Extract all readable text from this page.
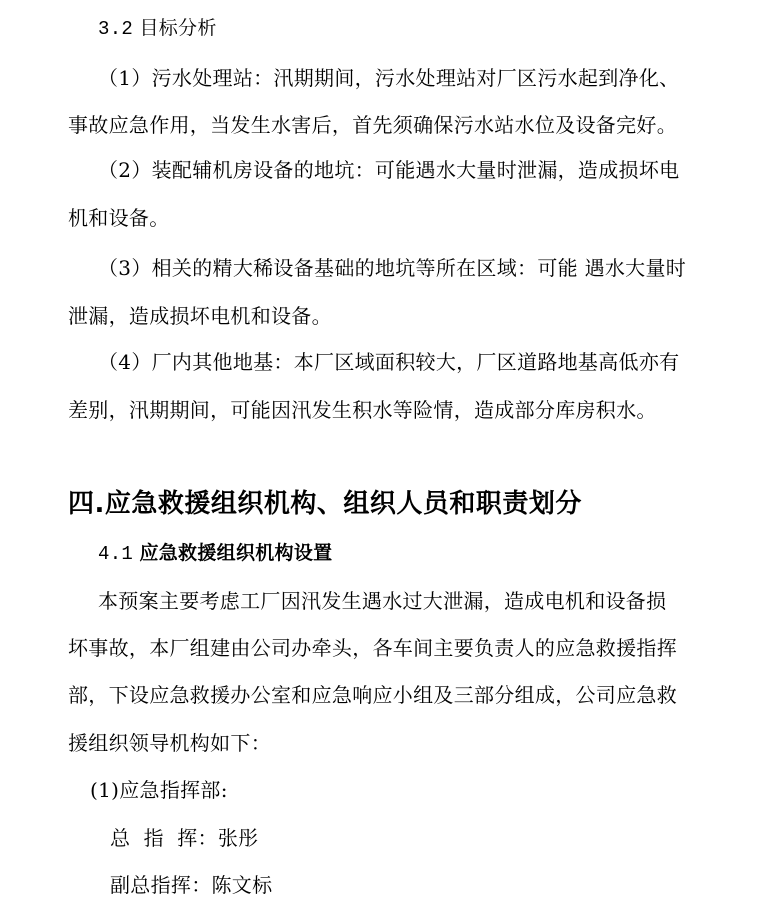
3.2 目标分析
（1）污水处理站：汛期期间，污水处理站对厂区污水起到净化、
事故应急作用，当发生水害后，首先须确保污水站水位及设备完好。
（2）装配辅机房设备的地坑：可能遇水大量时泄漏，造成损坏电
机和设备。
（3）相关的精大稀设备基础的地坑等所在区域：可能 遇水大量时
泄漏，造成损坏电机和设备。
（4）厂内其他地基：本厂区域面积较大，厂区道路地基高低亦有
差别，汛期期间，可能因汛发生积水等险情，造成部分库房积水。
四.应急救援组织机构、组织人员和职责划分
4.1 应急救援组织机构设置
本预案主要考虑工厂因汛发生遇水过大泄漏，造成电机和设备损
坏事故，本厂组建由公司办牵头，各车间主要负责人的应急救援指挥
部，下设应急救援办公室和应急响应小组及三部分组成，公司应急救
援组织领导机构如下：
(1)应急指挥部:
总  指  挥：张彤
副总指挥：陈文标
